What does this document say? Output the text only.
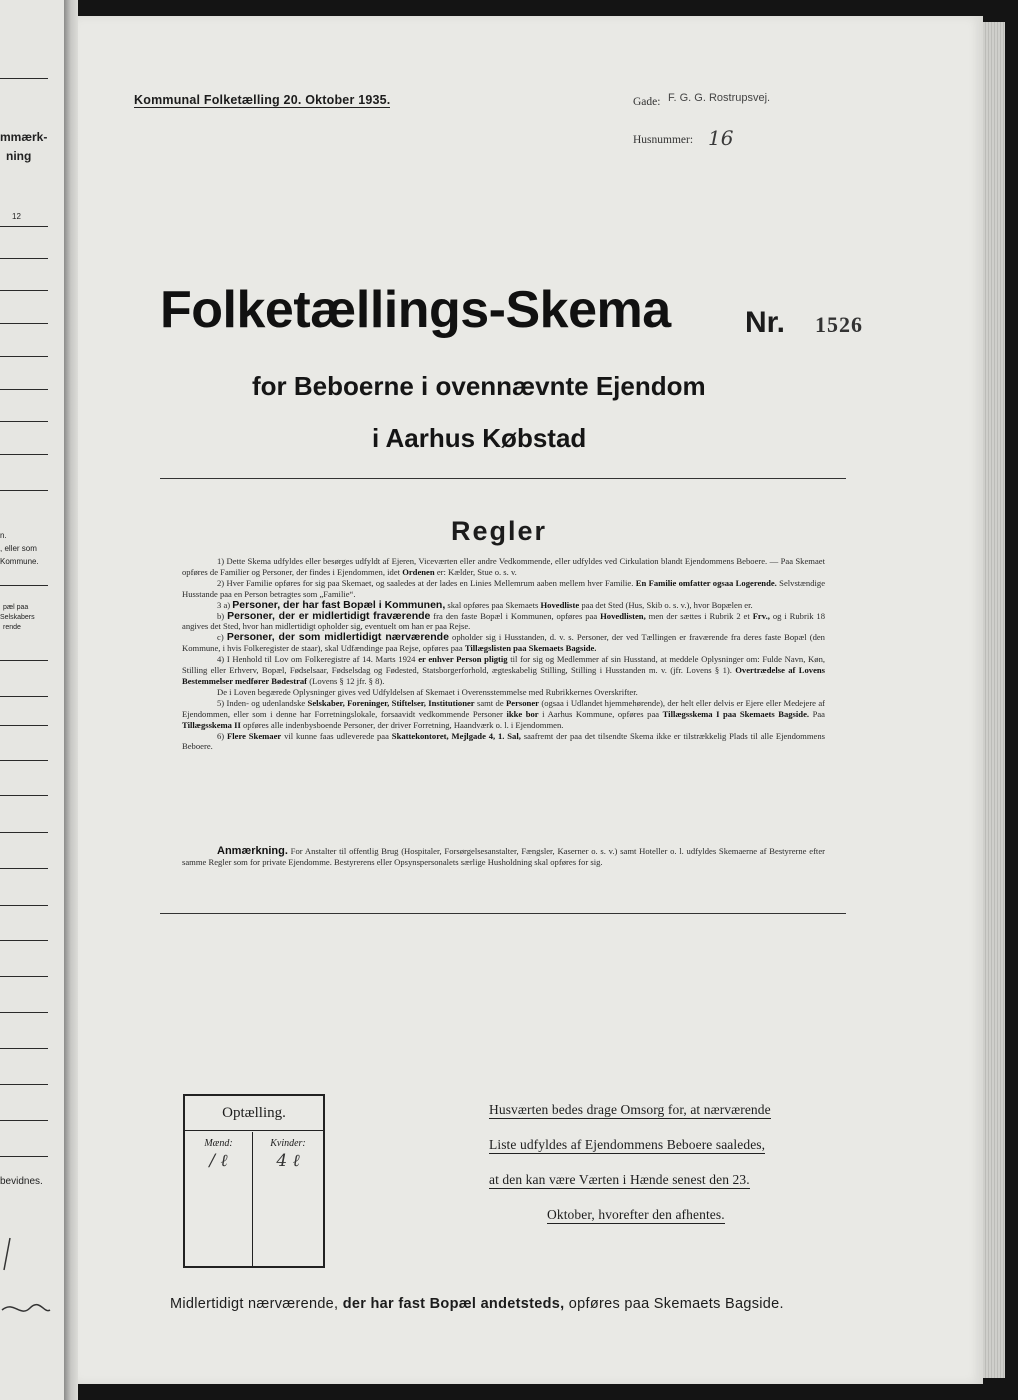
mmærk-
ning
12
n.
, eller som
Kommune.
pæl paa
Selskabers
rende
bevidnes.
Kommunal Folketælling 20. Oktober 1935.	Gade: F. G. G. Rostrupsvej.
Husnummer: 16
Folketællings-Skema Nr. 1526
for Beboerne i ovennævnte Ejendom
i Aarhus Købstad
Regler

1) Dette Skema udfyldes eller besørges udfyldt af Ejeren, Viceværten eller andre Vedkommende, eller udfyldes ved Cirkulation blandt Ejendommens Beboere. — Paa Skemaet opføres de Familier og Personer, der findes i Ejendommen, idet Ordenen er: Kælder, Stue o. s. v.

2) Hver Familie opføres for sig paa Skemaet, og saaledes at der lades en Linies Mellemrum aaben mellem hver Familie. En Familie omfatter ogsaa Logerende. Selvstændige Husstande paa en Person betragtes som „Familie“.

3 a) Personer, der har fast Bopæl i Kommunen, skal opføres paa Skemaets Hovedliste paa det Sted (Hus, Skib o. s. v.), hvor Bopælen er.

b) Personer, der er midlertidigt fraværende fra den faste Bopæl i Kommunen, opføres paa Hovedlisten, men der sættes i Rubrik 2 et Frv., og i Rubrik 18 angives det Sted, hvor han midlertidigt opholder sig, eventuelt om han er paa Rejse.

c) Personer, der som midlertidigt nærværende opholder sig i Husstanden, d. v. s. Personer, der ved Tællingen er fraværende fra deres faste Bopæl (den Kommune, i hvis Folkeregister de staar), skal Udfændinge paa Rejse, opføres paa Tillægslisten paa Skemaets Bagside.

4) I Henhold til Lov om Folkeregistre af 14. Marts 1924 er enhver Person pligtig til for sig og Medlemmer af sin Husstand, at meddele Oplysninger om: Fulde Navn, Køn, Stilling eller Erhverv, Bopæl, Fødselsaar, Fødselsdag og Fødested, Statsborgerforhold, ægteskabelig Stilling, Stilling i Husstanden m. v. (jfr. Lovens § 1). Overtrædelse af Lovens Bestemmelser medfører Bødestraf (Lovens § 12 jfr. § 8).

De i Loven begærede Oplysninger gives ved Udfyldelsen af Skemaet i Overensstemmelse med Rubrikkernes Overskrifter.

5) Inden- og udenlandske Selskaber, Foreninger, Stiftelser, Institutioner samt de Personer (ogsaa i Udlandet hjemmehørende), der helt eller delvis er Ejere eller Medejere af Ejendommen, eller som i denne har Forretningslokale, forsaavidt vedkommende Personer ikke bor i Aarhus Kommune, opføres paa Tillægsskema I paa Skemaets Bagside. Paa Tillægsskema II opføres alle indenbysboende Personer, der driver Forretning, Haandværk o. l. i Ejendommen.

6) Flere Skemaer vil kunne faas udleverede paa Skattekontoret, Mejlgade 4, 1. Sal, saafremt der paa det tilsendte Skema ikke er tilstrækkelig Plads til alle Ejendommens Beboere.

Anmærkning. For Anstalter til offentlig Brug (Hospitaler, Forsørgelsesanstalter, Fængsler, Kaserner o. s. v.) samt Hoteller o. l. udfyldes Skemaerne af Bestyrerne efter samme Regler som for private Ejendomme. Bestyrerens eller Opsynspersonalets særlige Husholdning skal opføres for sig.
Optælling.
Mænd:
/ ℓ
Kvinder:
4 ℓ
Husværten bedes drage Omsorg for, at nærværende
Liste udfyldes af Ejendommens Beboere saaledes,
at den kan være Værten i Hænde senest den 23.
Oktober, hvorefter den afhentes.
Midlertidigt nærværende, der har fast Bopæl andetsteds, opføres paa Skemaets Bagside.
